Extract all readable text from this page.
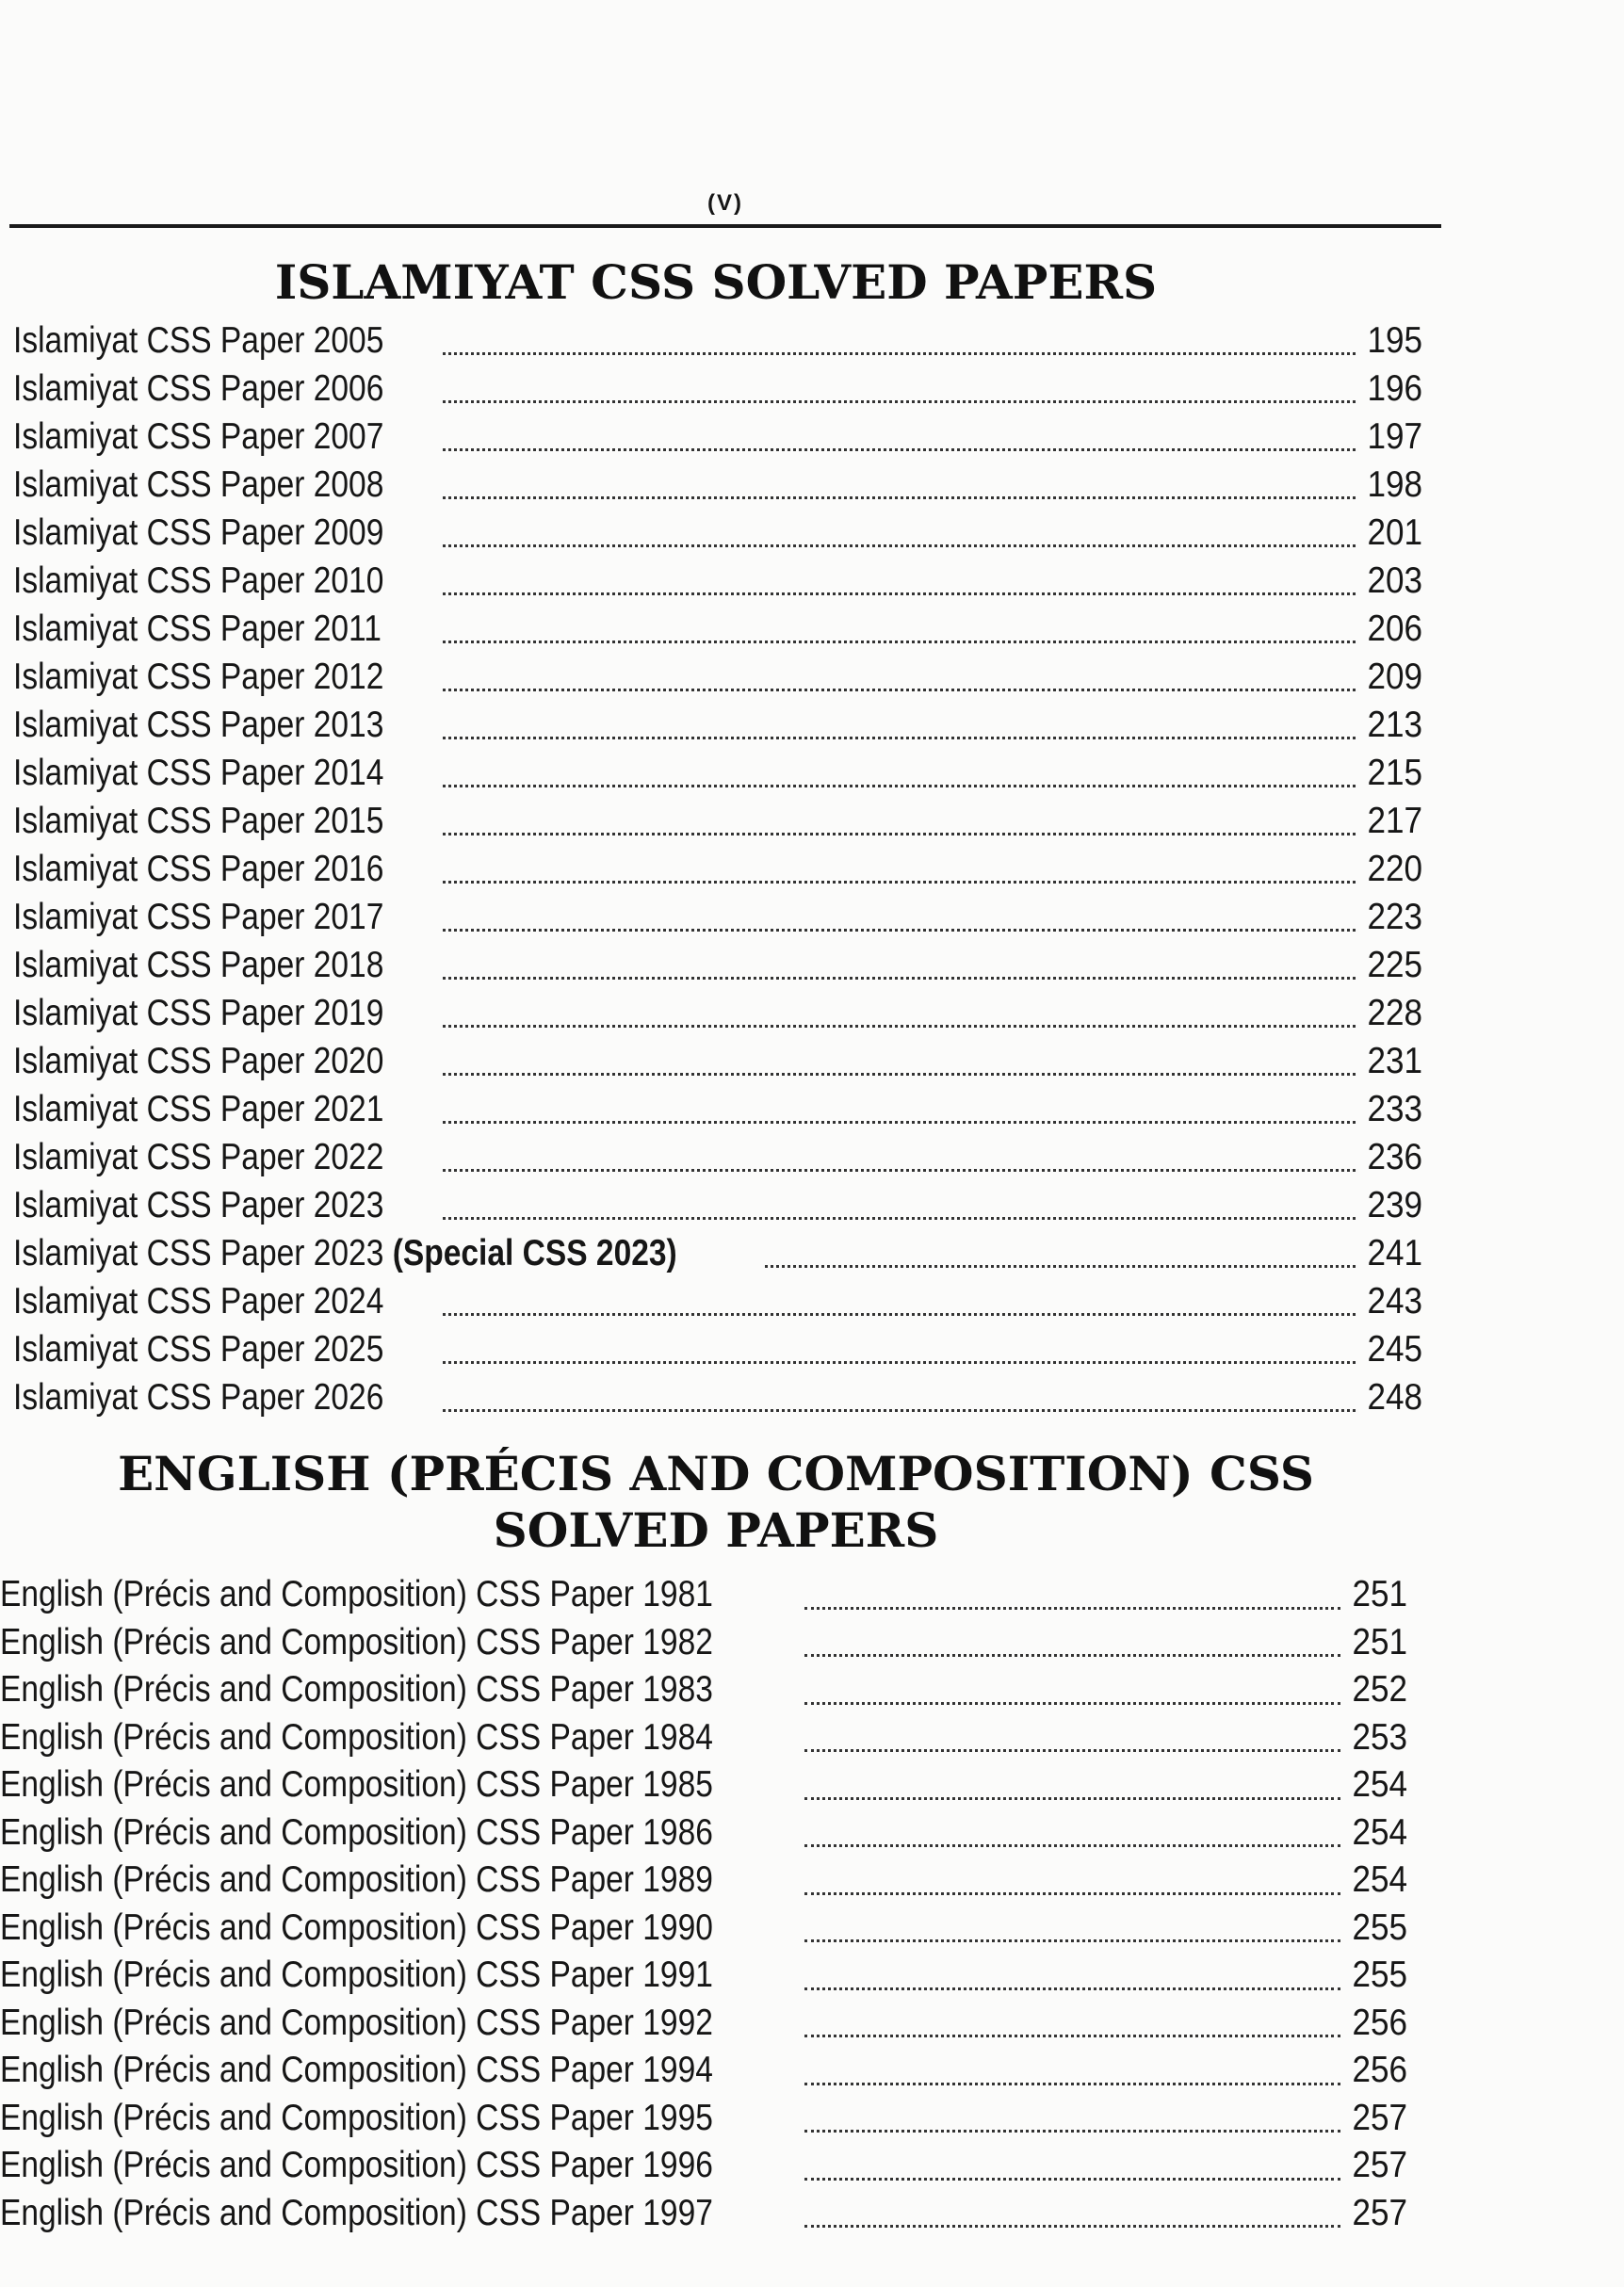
(V)
ISLAMIYAT CSS SOLVED PAPERS
Islamiyat CSS Paper 2005	195
Islamiyat CSS Paper 2006	196
Islamiyat CSS Paper 2007	197
Islamiyat CSS Paper 2008	198
Islamiyat CSS Paper 2009	201
Islamiyat CSS Paper 2010	203
Islamiyat CSS Paper 2011	206
Islamiyat CSS Paper 2012	209
Islamiyat CSS Paper 2013	213
Islamiyat CSS Paper 2014	215
Islamiyat CSS Paper 2015	217
Islamiyat CSS Paper 2016	220
Islamiyat CSS Paper 2017	223
Islamiyat CSS Paper 2018	225
Islamiyat CSS Paper 2019	228
Islamiyat CSS Paper 2020	231
Islamiyat CSS Paper 2021	233
Islamiyat CSS Paper 2022	236
Islamiyat CSS Paper 2023	239
Islamiyat CSS Paper 2023 (Special CSS 2023)	241
Islamiyat CSS Paper 2024	243
Islamiyat CSS Paper 2025	245
Islamiyat CSS Paper 2026	248
ENGLISH (PRÉCIS AND COMPOSITION) CSS
SOLVED PAPERS
English (Précis and Composition) CSS Paper 1981	251
English (Précis and Composition) CSS Paper 1982	251
English (Précis and Composition) CSS Paper 1983	252
English (Précis and Composition) CSS Paper 1984	253
English (Précis and Composition) CSS Paper 1985	254
English (Précis and Composition) CSS Paper 1986	254
English (Précis and Composition) CSS Paper 1989	254
English (Précis and Composition) CSS Paper 1990	255
English (Précis and Composition) CSS Paper 1991	255
English (Précis and Composition) CSS Paper 1992	256
English (Précis and Composition) CSS Paper 1994	256
English (Précis and Composition) CSS Paper 1995	257
English (Précis and Composition) CSS Paper 1996	257
English (Précis and Composition) CSS Paper 1997	257
